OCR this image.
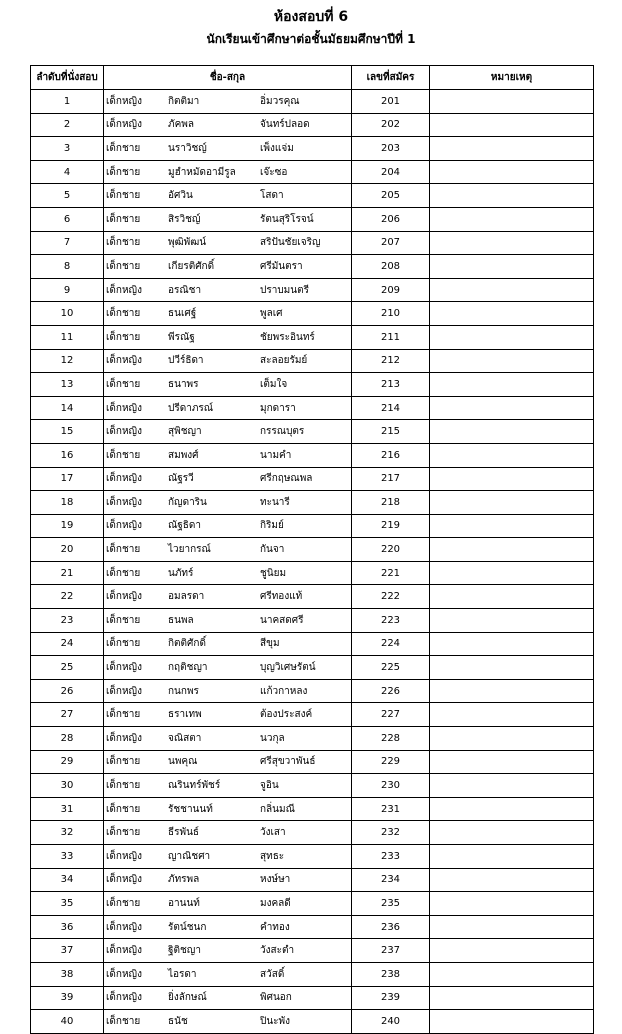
ห้องสอบที่ 6
นักเรียนเข้าศึกษาต่อชั้นมัธยมศึกษาปีที่ 1
ลำดับที่นั่งสอบ	ชื่อ-สกุล	เลขที่สมัคร	หมายเหตุ
1	เด็กหญิง กิตติมา อิ่มวรคุณ	201	
2	เด็กหญิง ภัคพล จันทร์ปลอด	202	
3	เด็กชาย นราวิชญ์ เพ็งแจ่ม	203	
4	เด็กชาย มูฮำหมัดอามีรูล เจ๊ะซอ	204	
5	เด็กชาย อัศวิน โสดา	205	
6	เด็กชาย สิรวิชญ์ รัตนสุริโรจน์	206	
7	เด็กชาย พุฒิพัฒน์ สริปันชัยเจริญ	207	
8	เด็กชาย เกียรติศักดิ์ ศรีมันตรา	208	
9	เด็กหญิง อรณิชา ปราบมนตรี	209	
10	เด็กชาย ธนเศฐ์ พูลเศ	210	
11	เด็กชาย พีรณัฐ ชัยพระอินทร์	211	
12	เด็กหญิง ปวีร์ธิดา สะลอยรัมย์	212	
13	เด็กชาย ธนาพร เต็มใจ	213	
14	เด็กหญิง ปรีดาภรณ์ มุกดารา	214	
15	เด็กหญิง สุพิชญา กรรณบุตร	215	
16	เด็กชาย สมพงศ์ นามคำ	216	
17	เด็กหญิง ณัฐรวี ศรีกฤษณพล	217	
18	เด็กหญิง กัญดาริน ทะนารี	218	
19	เด็กหญิง ณัฐธิดา กิริมย์	219	
20	เด็กชาย ไวยากรณ์ กันจา	220	
21	เด็กชาย นภัทร์ ชูนิยม	221	
22	เด็กหญิง อมลรดา ศรีทองแท้	222	
23	เด็กชาย ธนพล นาคสดศรี	223	
24	เด็กชาย กิตติศักดิ์ สีขุม	224	
25	เด็กหญิง กฤติชญา บุญวิเศษรัตน์	225	
26	เด็กหญิง กนกพร แก้วกาหลง	226	
27	เด็กชาย ธราเทพ ต้องประสงค์	227	
28	เด็กหญิง จณิสตา นวกุล	228	
29	เด็กชาย นพคุณ ศรีสุขวาพันธ์	229	
30	เด็กชาย ณรินทร์พัชร์ จูอิน	230	
31	เด็กชาย รัชชานนท์ กลิ่นมณี	231	
32	เด็กชาย ธีรพันธ์ วังเสา	232	
33	เด็กหญิง ญาณิชศา สุทธะ	233	
34	เด็กหญิง ภัทรพล หงษ์ษา	234	
35	เด็กชาย อานนท์ มงคลดี	235	
36	เด็กหญิง รัตน์ชนก คำทอง	236	
37	เด็กหญิง ฐิติชญา วังสะตำ	237	
38	เด็กหญิง ไอรดา สวัสดิ์	238	
39	เด็กหญิง ยิ่งลักษณ์ พิศนอก	239	
40	เด็กชาย ธนัช ปินะพัง	240	
